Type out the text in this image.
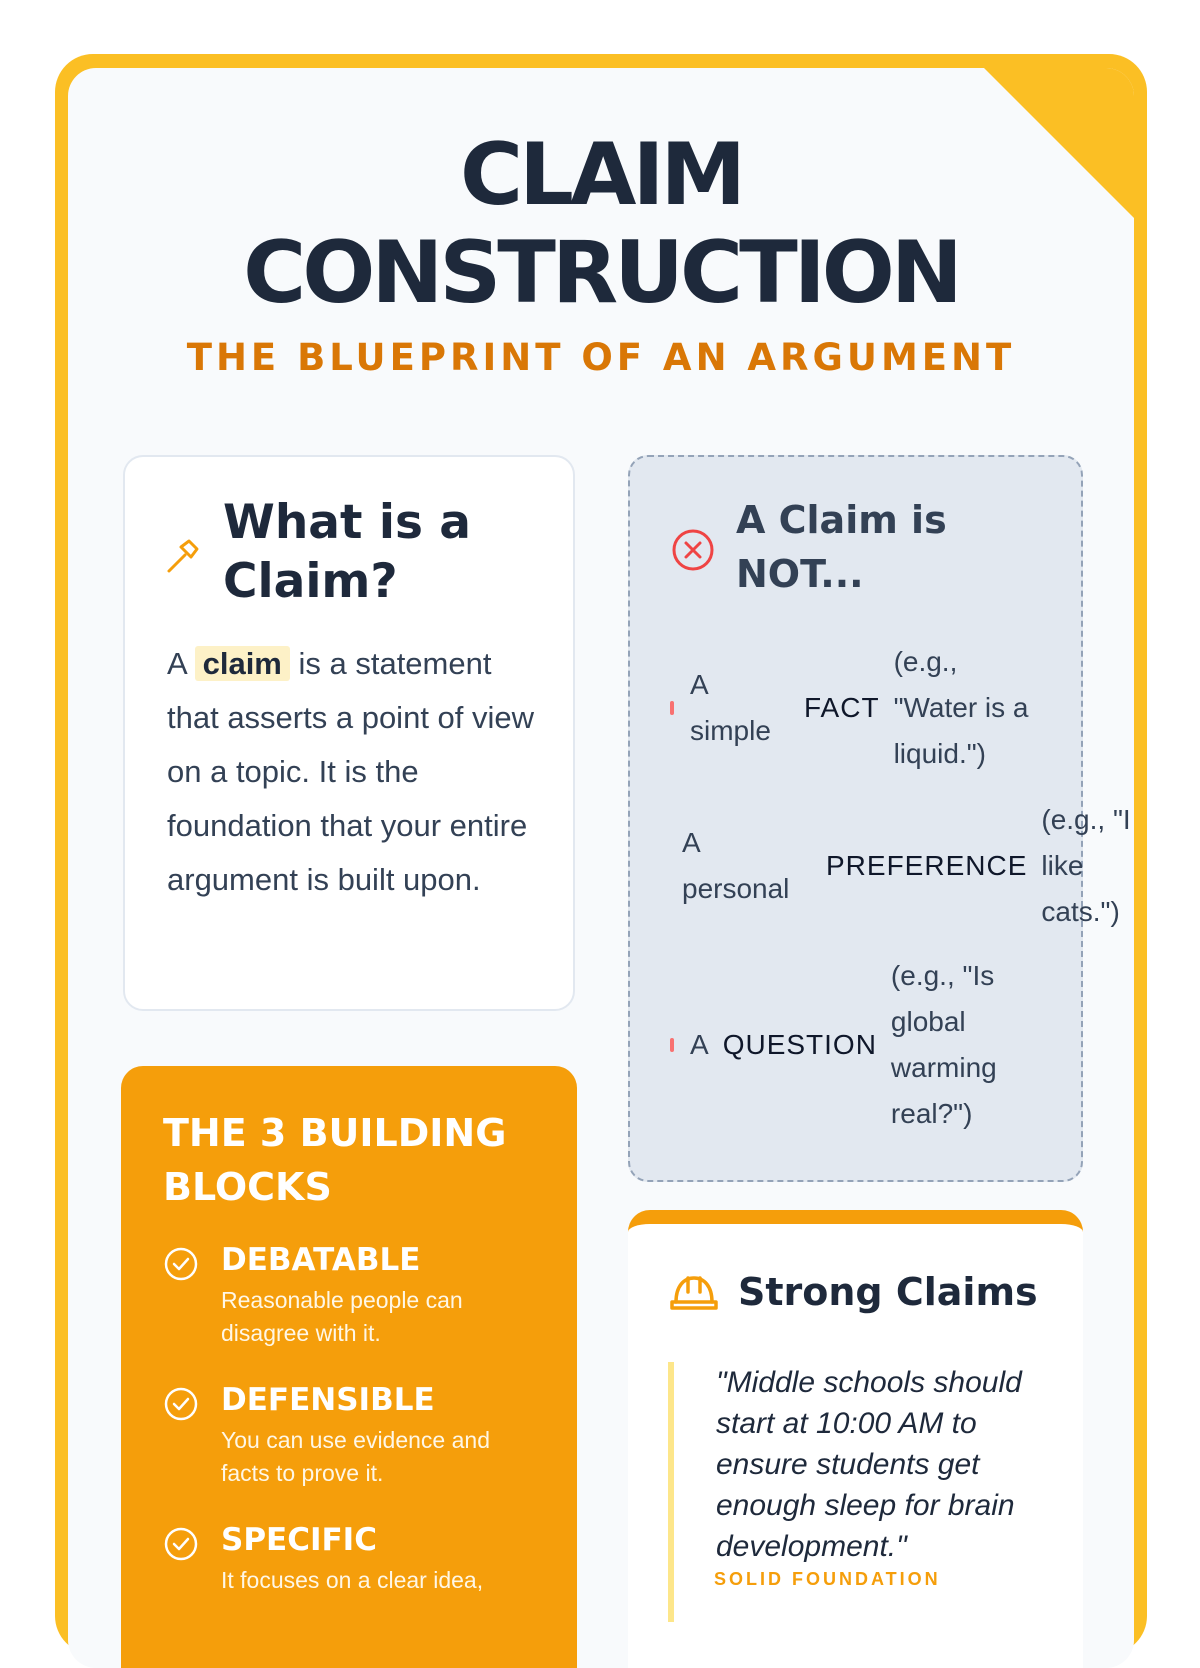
CLAIM
CONSTRUCTION
THE BLUEPRINT OF AN ARGUMENT
What is a Claim?

A claim is a statement that asserts a point of view on a topic. It is the foundation that your entire argument is built upon.

A Claim is NOT...
A simple
FACT
(e.g., "Water is a liquid.")
A personal
PREFERENCE
(e.g., "I like cats.")
A QUESTION
(e.g., "Is global warming real?")
THE 3 BUILDING BLOCKS
DEBATABLE
Reasonable people can disagree with it.
DEFENSIBLE
You can use evidence and facts to prove it.
SPECIFIC
It focuses on a clear idea,
Strong Claims
"Middle schools should start at 10:00 AM to ensure students get enough sleep for brain development."
SOLID FOUNDATION
